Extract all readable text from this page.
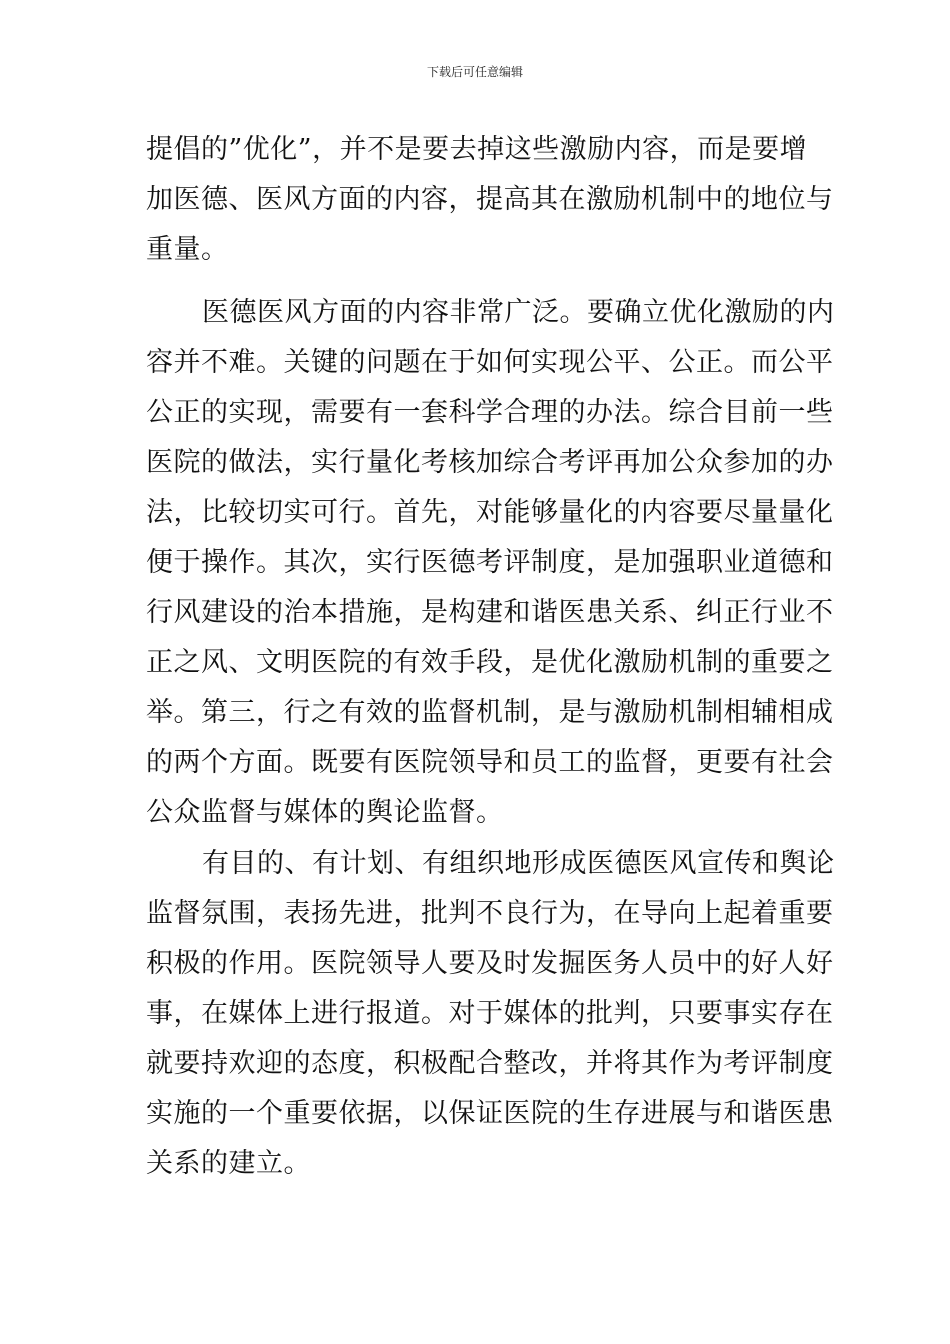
下载后可任意编辑
提倡的”优化”，并不是要去掉这些激励内容，而是要增
加医德、医风方面的内容，提高其在激励机制中的地位与
重量。
医德医风方面的内容非常广泛。要确立优化激励的内
容并不难。关键的问题在于如何实现公平、公正。而公平
公正的实现，需要有一套科学合理的办法。综合目前一些
医院的做法，实行量化考核加综合考评再加公众参加的办
法，比较切实可行。首先，对能够量化的内容要尽量量化
便于操作。其次，实行医德考评制度，是加强职业道德和
行风建设的治本措施，是构建和谐医患关系、纠正行业不
正之风、文明医院的有效手段，是优化激励机制的重要之
举。第三，行之有效的监督机制，是与激励机制相辅相成
的两个方面。既要有医院领导和员工的监督，更要有社会
公众监督与媒体的舆论监督。
有目的、有计划、有组织地形成医德医风宣传和舆论
监督氛围，表扬先进，批判不良行为，在导向上起着重要
积极的作用。医院领导人要及时发掘医务人员中的好人好
事，在媒体上进行报道。对于媒体的批判，只要事实存在
就要持欢迎的态度，积极配合整改，并将其作为考评制度
实施的一个重要依据，以保证医院的生存进展与和谐医患
关系的建立。
